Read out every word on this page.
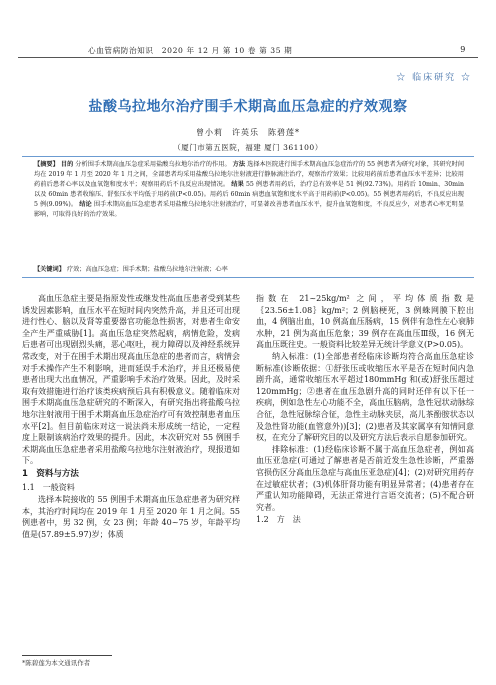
心血管病防治知识　2020 年 12 月 第 10 卷 第 35 期	9
☆ 临床研究 ☆
盐酸乌拉地尔治疗围手术期高血压急症的疗效观察
曾小莉　许英乐　陈碧莲*
（厦门市第五医院，福建 厦门 361100）
【摘要】 目的 分析围手术期高血压急症采用盐酸乌拉地尔治疗的作用。 方法 选择本医院进行围手术期高血压急症治疗的 55 例患者为研究对象，其研究时间均在 2019 年 1 月至 2020 年 1 月之间，全部患者均采用盐酸乌拉地尔注射液进行静脉滴注治疗，观察治疗效果；比较用药前后患者血压水平差异；比较用药前后患者心率以及血氧饱和度水平；观察用药后不良反应出现情况。 结果 55 例患者用药后，治疗总有效率是 51 例(92.73%)。用药后 10min、30min 以及 60min 患者收缩压、舒张压水平均低于用药前(P<0.05)。用药后 60min 病患血氧饱和度水平高于用药前(P<0.05)。55 例患者用药后，不良反应出现 5 例(9.09%)。 结论 围手术期高血压急症患者采用盐酸乌拉地尔注射液治疗，可显著改善患者血压水平，提升血氧饱和度，不良反应少，对患者心率无明显影响，可取得良好的治疗效果。
【关键词】 疗效；高血压急症；围手术期；盐酸乌拉地尔注射液；心率

高血压急症主要是指原发性或继发性高血压患者受到某些诱发因素影响，血压水平在短时间内突然升高，并且还可出现进行性心、脑以及肾等重要器官功能急性损害，对患者生命安全产生严重威胁[1]。高血压急症突然起病，病情危险，发病后患者可出现剧烈头痛，恶心呕吐，视力障碍以及神经系统异常改变，对于在围手术期出现高血压急症的患者而言，病情会对手术操作产生不利影响，进而延误手术治疗，并且还极易使患者出现大出血情况，严重影响手术治疗效果。因此，及时采取有效措施进行治疗该类疾病预后具有积极意义。随着临床对围手术期高血压急症研究的不断深入，有研究指出将盐酸乌拉地尔注射液用于围手术期高血压急症治疗可有效控制患者血压水平[2]。但目前临床对这一说法尚未形成统一结论，一定程度上限制该病治疗效果的提升。因此，本次研究对 55 例围手术期高血压急症患者采用盐酸乌拉地尔注射液治疗，现报道如下。

1　资料与方法
1.1　一般资料

选择本院接收的 55 例围手术期高血压急症患者为研究样本，其治疗时间均在 2019 年 1 月至 2020 年 1 月之间。55 例患者中，男 32 例，女 23 例；年龄 40~75 岁，年龄平均值是(57.89±5.97)岁；体质

指数在 21~25kg/m² 之间，平均体质指数是｛23.56±1.08｝kg/m²；2 例脑梗死，3 例蛛网膜下腔出血，4 例脑出血，10 例高血压肠病，15 例伴有急性左心衰肺水肿，21 例为高血压危象；39 例存在高血压Ⅲ级，16 例无高血压既往史。一般资料比较差异无统计学意义(P>0.05)。

纳入标准：(1)全部患者经临床诊断均符合高血压急症诊断标准(诊断依据：①舒张压或收缩压水平是否在短时间内急剧升高，通常收缩压水平超过180mmHg 和(或)舒张压超过 120mmHg；②患者在血压急剧升高的同时还伴有以下任一疾病，例如急性左心功能不全，高血压脑病，急性冠状动脉综合征，急性冠脉综合征，急性主动脉夹层，高儿茶酚胺状态以及急性肾功能(血管意外))[3]；(2)患者及其家属享有知情同意权，在充分了解研究目的以及研究方法后表示自愿参加研究。

排除标准：(1)经临床诊断不属于高血压急症者，例如高血压亚急症(可通过了解患者是否前近发生急性诊断，严重器官损伤区分高血压急症与高血压亚急症)[4]；(2)对研究用药存在过敏症状者；(3)机体肝肾功能有明显异常者；(4)患者存在严重认知功能障碍，无法正常进行言语交流者；(5)不配合研究者。

1.2　方　法
*陈碧莲为本文通讯作者
